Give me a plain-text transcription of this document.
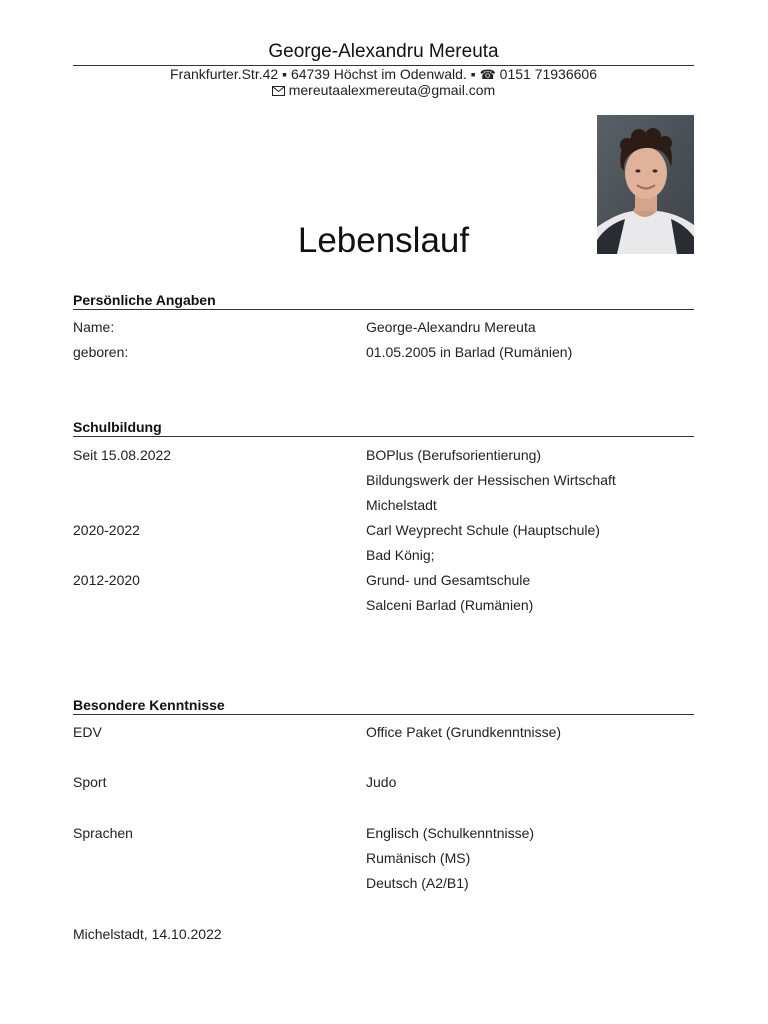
George-Alexandru Mereuta
Frankfurter.Str.42 ▪ 64739 Höchst im Odenwald. ▪ ☎ 0151 71936606
mereutaalexmereuta@gmail.com
Lebenslauf
Persönliche Angaben
Name:	George-Alexandru Mereuta
geboren:	01.05.2005 in Barlad (Rumänien)
Schulbildung
Seit 15.08.2022	BOPlus (Berufsorientierung)
Bildungswerk der Hessischen Wirtschaft
Michelstadt
2020-2022	Carl Weyprecht Schule (Hauptschule)
Bad König;
2012-2020	Grund- und Gesamtschule
Salceni Barlad (Rumänien)
Besondere Kenntnisse
EDV	Office Paket (Grundkenntnisse)
Sport	Judo
Sprachen	Englisch (Schulkenntnisse)
Rumänisch (MS)
Deutsch (A2/B1)
Michelstadt, 14.10.2022
